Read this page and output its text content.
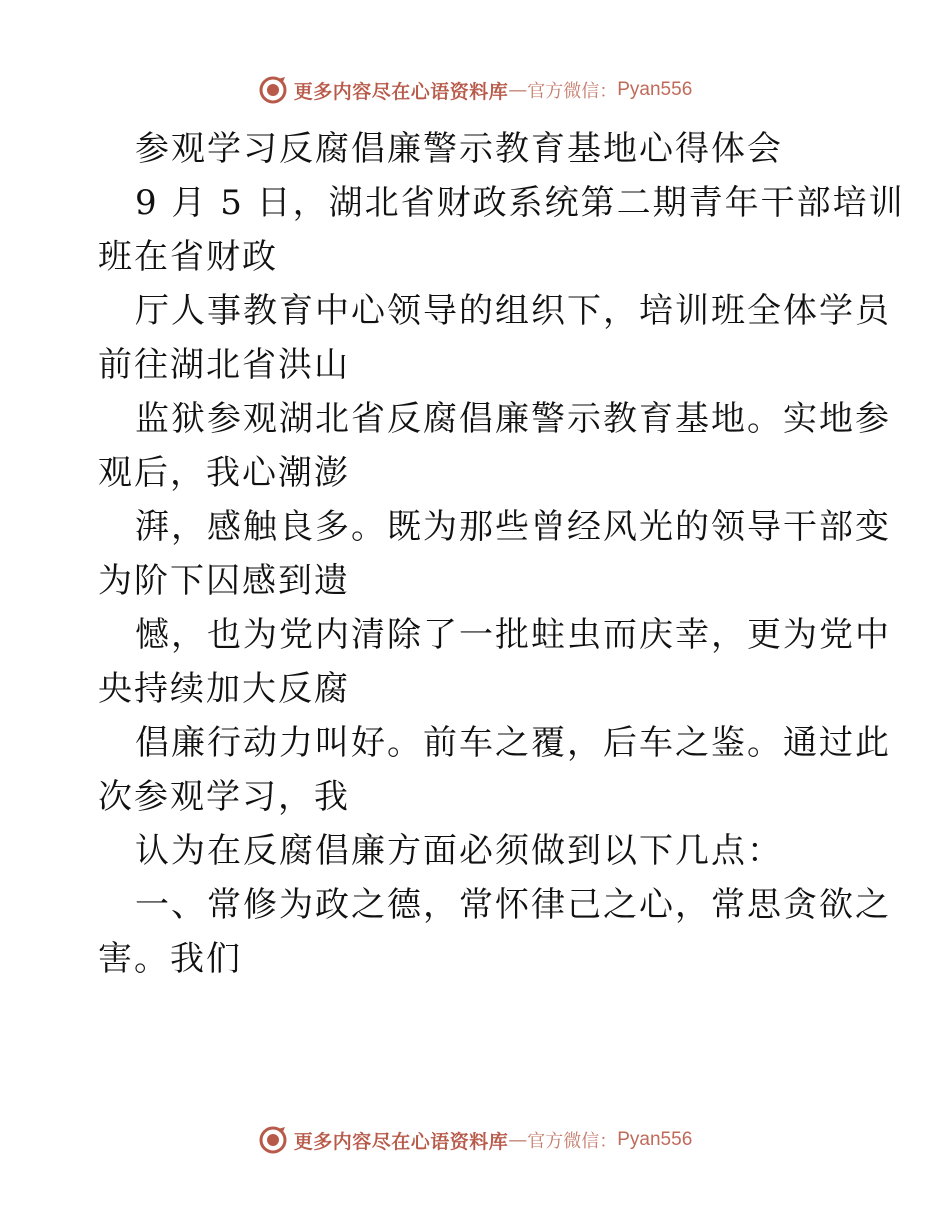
更多内容尽在心语资料库 — 官方微信： Pyan556
参观学习反腐倡廉警示教育基地心得体会
9 月 5 日，湖北省财政系统第二期青年干部培训
班在省财政
厅人事教育中心领导的组织下，培训班全体学员
前往湖北省洪山
监狱参观湖北省反腐倡廉警示教育基地。实地参
观后，我心潮澎
湃，感触良多。既为那些曾经风光的领导干部变
为阶下囚感到遗
憾，也为党内清除了一批蛀虫而庆幸，更为党中
央持续加大反腐
倡廉行动力叫好。前车之覆，后车之鉴。通过此
次参观学习，我
认为在反腐倡廉方面必须做到以下几点：
一、常修为政之德，常怀律己之心，常思贪欲之
害。我们
更多内容尽在心语资料库 — 官方微信： Pyan556
